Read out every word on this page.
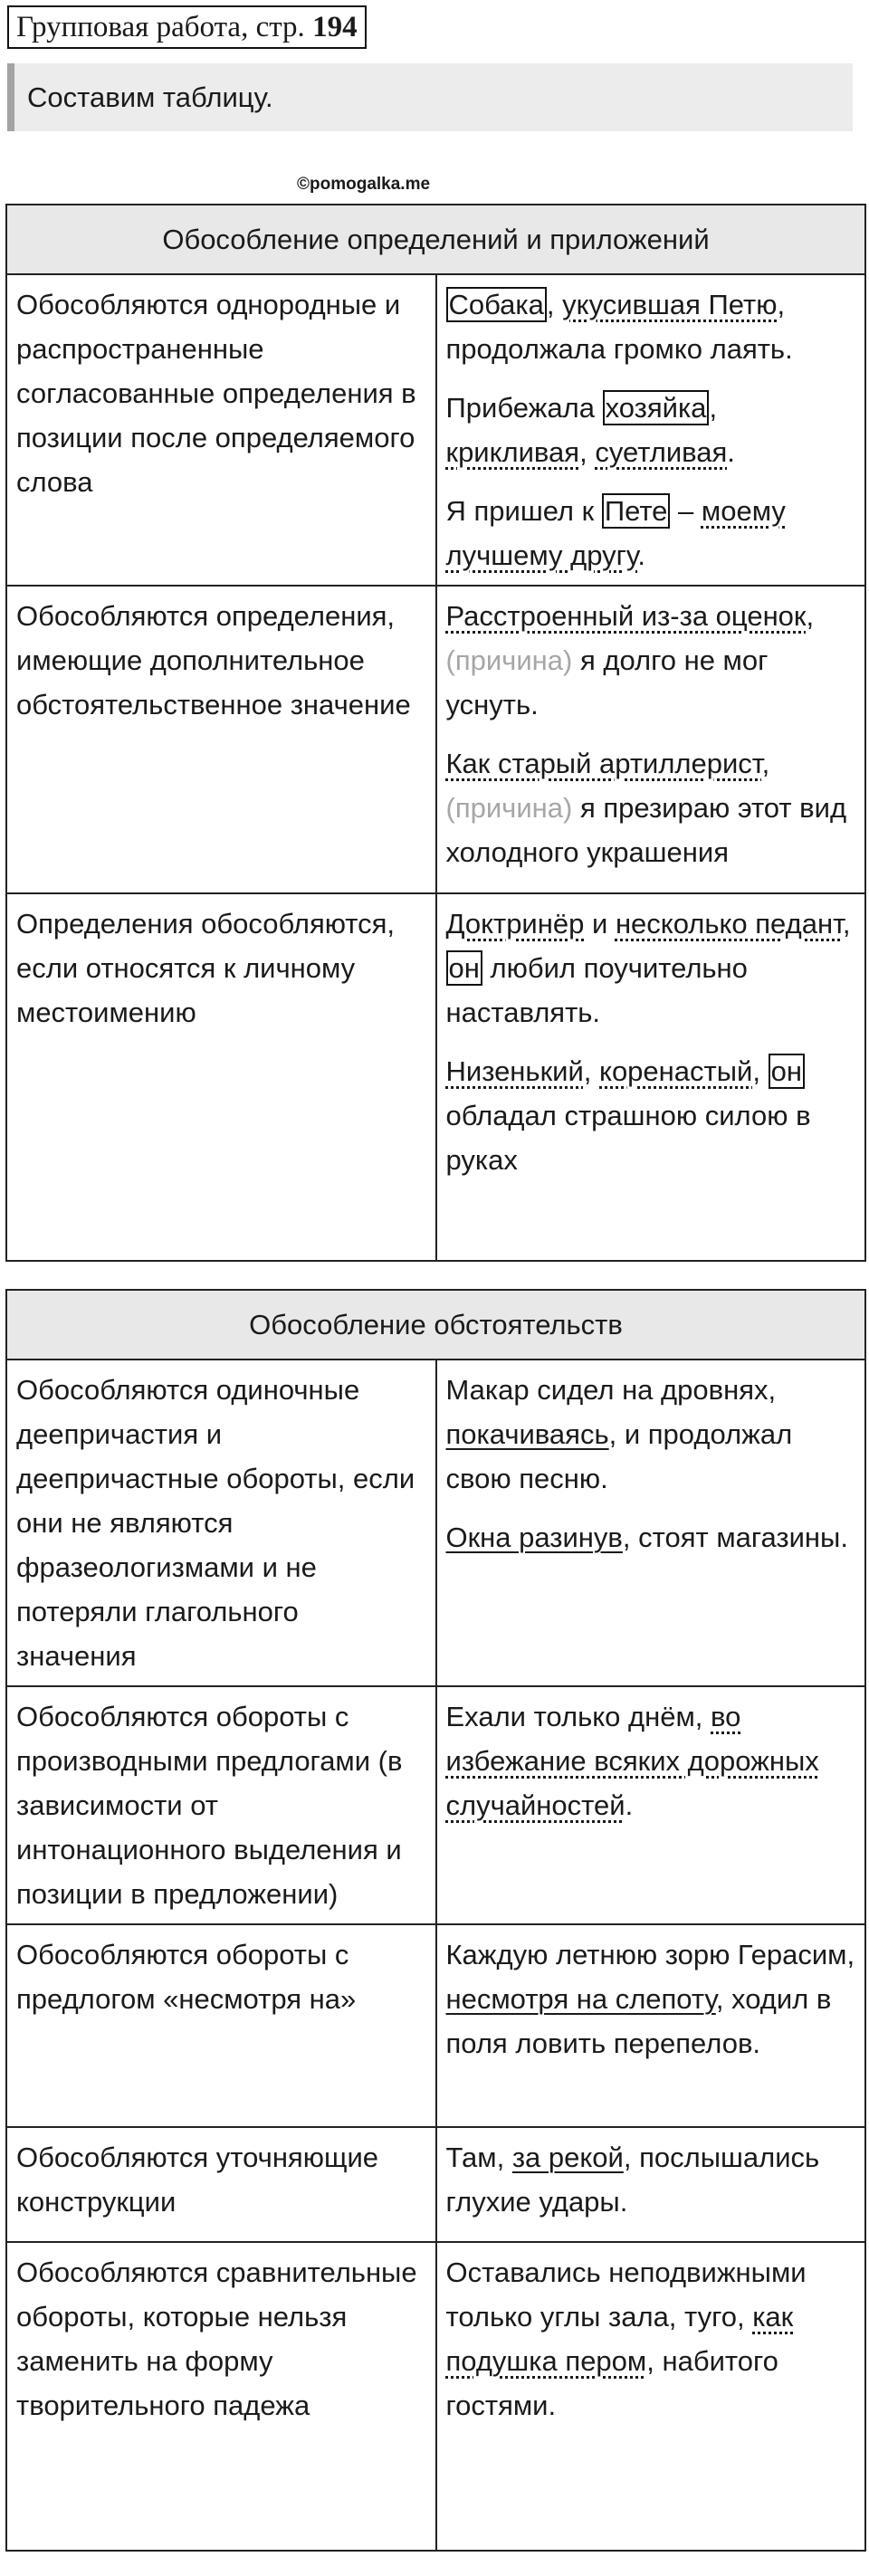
Групповая работа, стр. 194
Составим таблицу.
©pomogalka.me
Обособление определений и приложений	
Обособляются однородные и распространенные согласованные определения в позиции после определяемого слова	Собака, укусившая Петю, продолжала громко лаять.

Прибежала хозяйка, крикливая, суетливая.

Я пришел к Пете – моему лучшему другу.

Обособляются определения, имеющие дополнительное обстоятельственное значение	Расстроенный из-за оценок, (причина) я долго не мог уснуть.

Как старый артиллерист, (причина) я презираю этот вид холодного украшения

Определения обособляются, если относятся к личному местоимению	Доктринёр и несколько педант, он любил поучительно наставлять.

Низенький, коренастый, он обладал страшною силою в руках

Обособление обстоятельств	
Обособляются одиночные деепричастия и деепричастные обороты, если они не являются фразеологизмами и не потеряли глагольного значения	Макар сидел на дровнях, покачиваясь, и продолжал свою песню.

Окна разинув, стоят магазины.

Обособляются обороты с производными предлогами (в зависимости от интонационного выделения и позиции в предложении)	Ехали только днём, во избежание всяких дорожных случайностей.

Обособляются обороты с предлогом «несмотря на»	Каждую летнюю зорю Герасим, несмотря на слепоту, ходил в поля ловить перепелов.

Обособляются уточняющие конструкции	Там, за рекой, послышались глухие удары.

Обособляются сравнительные обороты, которые нельзя заменить на форму творительного падежа	Оставались неподвижными только углы зала, туго, как подушка пером, набитого гостями.
